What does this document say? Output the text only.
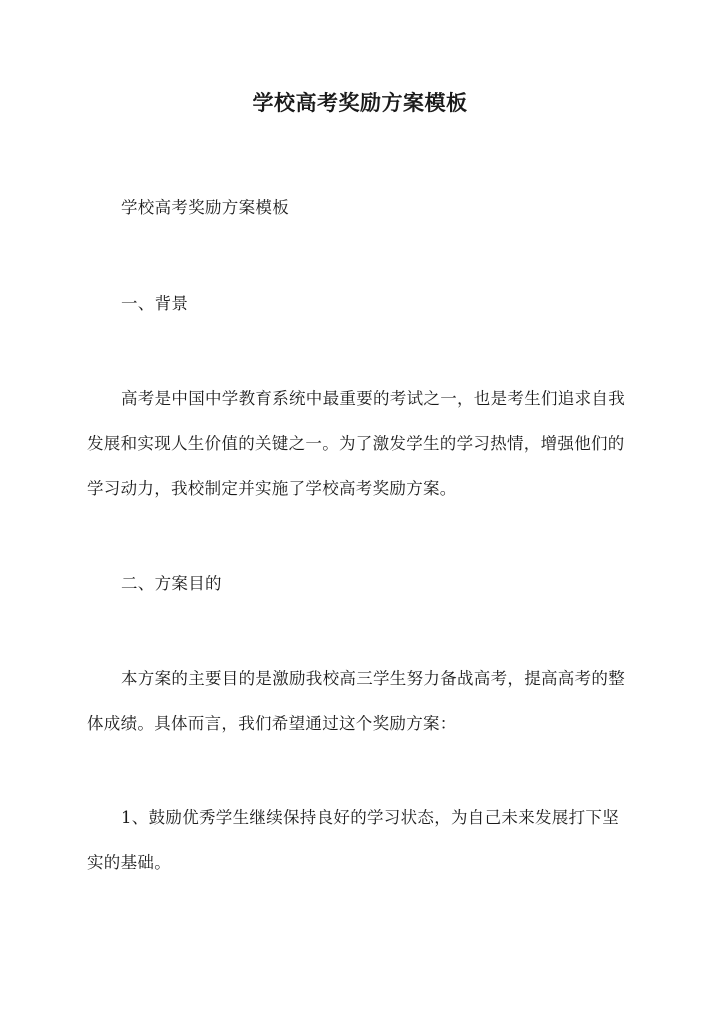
学校高考奖励方案模板

学校高考奖励方案模板

一、背景

高考是中国中学教育系统中最重要的考试之一，也是考生们追求自我

发展和实现人生价值的关键之一。为了激发学生的学习热情，增强他们的

学习动力，我校制定并实施了学校高考奖励方案。

二、方案目的

本方案的主要目的是激励我校高三学生努力备战高考，提高高考的整

体成绩。具体而言，我们希望通过这个奖励方案：

1、鼓励优秀学生继续保持良好的学习状态，为自己未来发展打下坚

实的基础。
